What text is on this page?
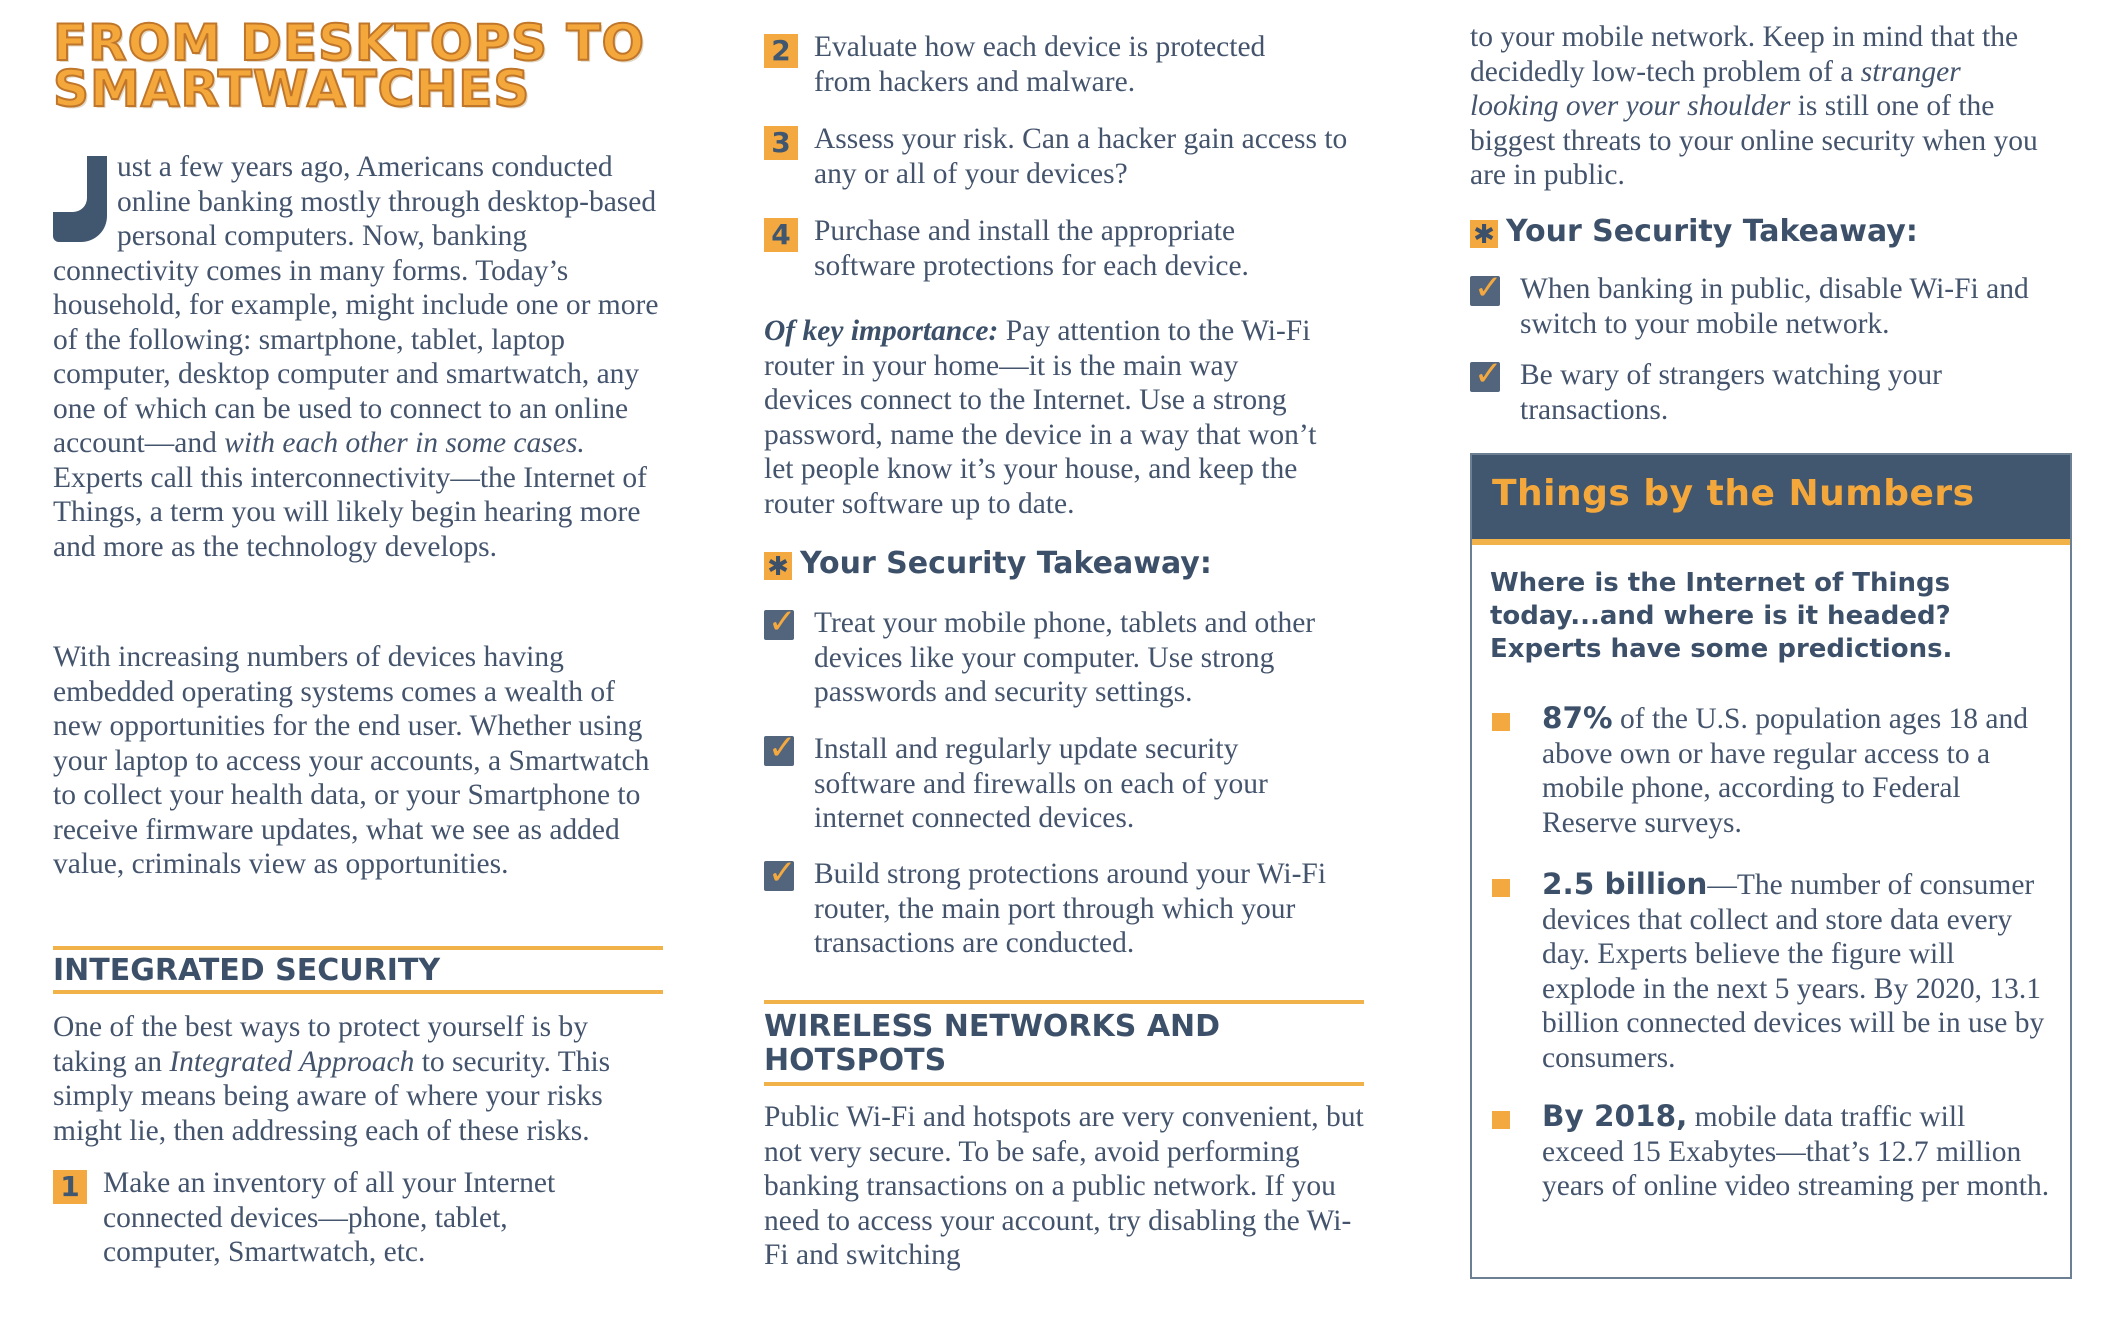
FROM DESKTOPS TO
SMARTWATCHES

ust a few years ago, Americans conducted online banking mostly through desktop-based personal computers. Now, banking connectivity comes in many forms. Today’s household, for example, might include one or more of the following: smartphone, tablet, laptop computer, desktop computer and smartwatch, any one of which can be used to connect to an online account—and with each other in some cases. Experts call this interconnectivity—the Internet of Things, a term you will likely begin hearing more and more as the technology develops.

With increasing numbers of devices having embedded operating systems comes a wealth of new opportunities for the end user. Whether using your laptop to access your accounts, a Smartwatch to collect your health data, or your Smartphone to receive firmware updates, what we see as added value, criminals view as opportunities.

INTEGRATED SECURITY

One of the best ways to protect yourself is by taking an Integrated Approach to security. This simply means being aware of where your risks might lie, then addressing each of these risks.

1 Make an inventory of all your Internet connected devices—phone, tablet, computer, Smartwatch, etc.

2 Evaluate how each device is protected from hackers and malware.

3 Assess your risk. Can a hacker gain access to any or all of your devices?

4 Purchase and install the appropriate software protections for each device.

Of key importance: Pay attention to the Wi-Fi router in your home—it is the main way devices connect to the Internet. Use a strong password, name the device in a way that won’t let people know it’s your house, and keep the router software up to date.

✱ Your Security Takeaway:
✓

Treat your mobile phone, tablets and other devices like your computer. Use strong passwords and security settings.

✓

Install and regularly update security software and firewalls on each of your internet connected devices.

✓

Build strong protections around your Wi-Fi router, the main port through which your transactions are conducted.

WIRELESS NETWORKS AND HOTSPOTS

Public Wi-Fi and hotspots are very convenient, but not very secure. To be safe, avoid performing banking transactions on a public network. If you need to access your account, try disabling the Wi-Fi and switching

to your mobile network. Keep in mind that the decidedly low-tech problem of a stranger looking over your shoulder is still one of the biggest threats to your online security when you are in public.

✱ Your Security Takeaway:
✓

When banking in public, disable Wi-Fi and switch to your mobile network.

✓

Be wary of strangers watching your transactions.

Things by the Numbers

Where is the Internet of Things today...and where is it headed? Experts have some predictions.

87% of the U.S. population ages 18 and above own or have regular access to a mobile phone, according to Federal Reserve surveys.

2.5 billion—The number of consumer devices that collect and store data every day. Experts believe the figure will explode in the next 5 years. By 2020, 13.1 billion connected devices will be in use by consumers.

By 2018, mobile data traffic will exceed 15 Exabytes—that’s 12.7 million years of online video streaming per month.
